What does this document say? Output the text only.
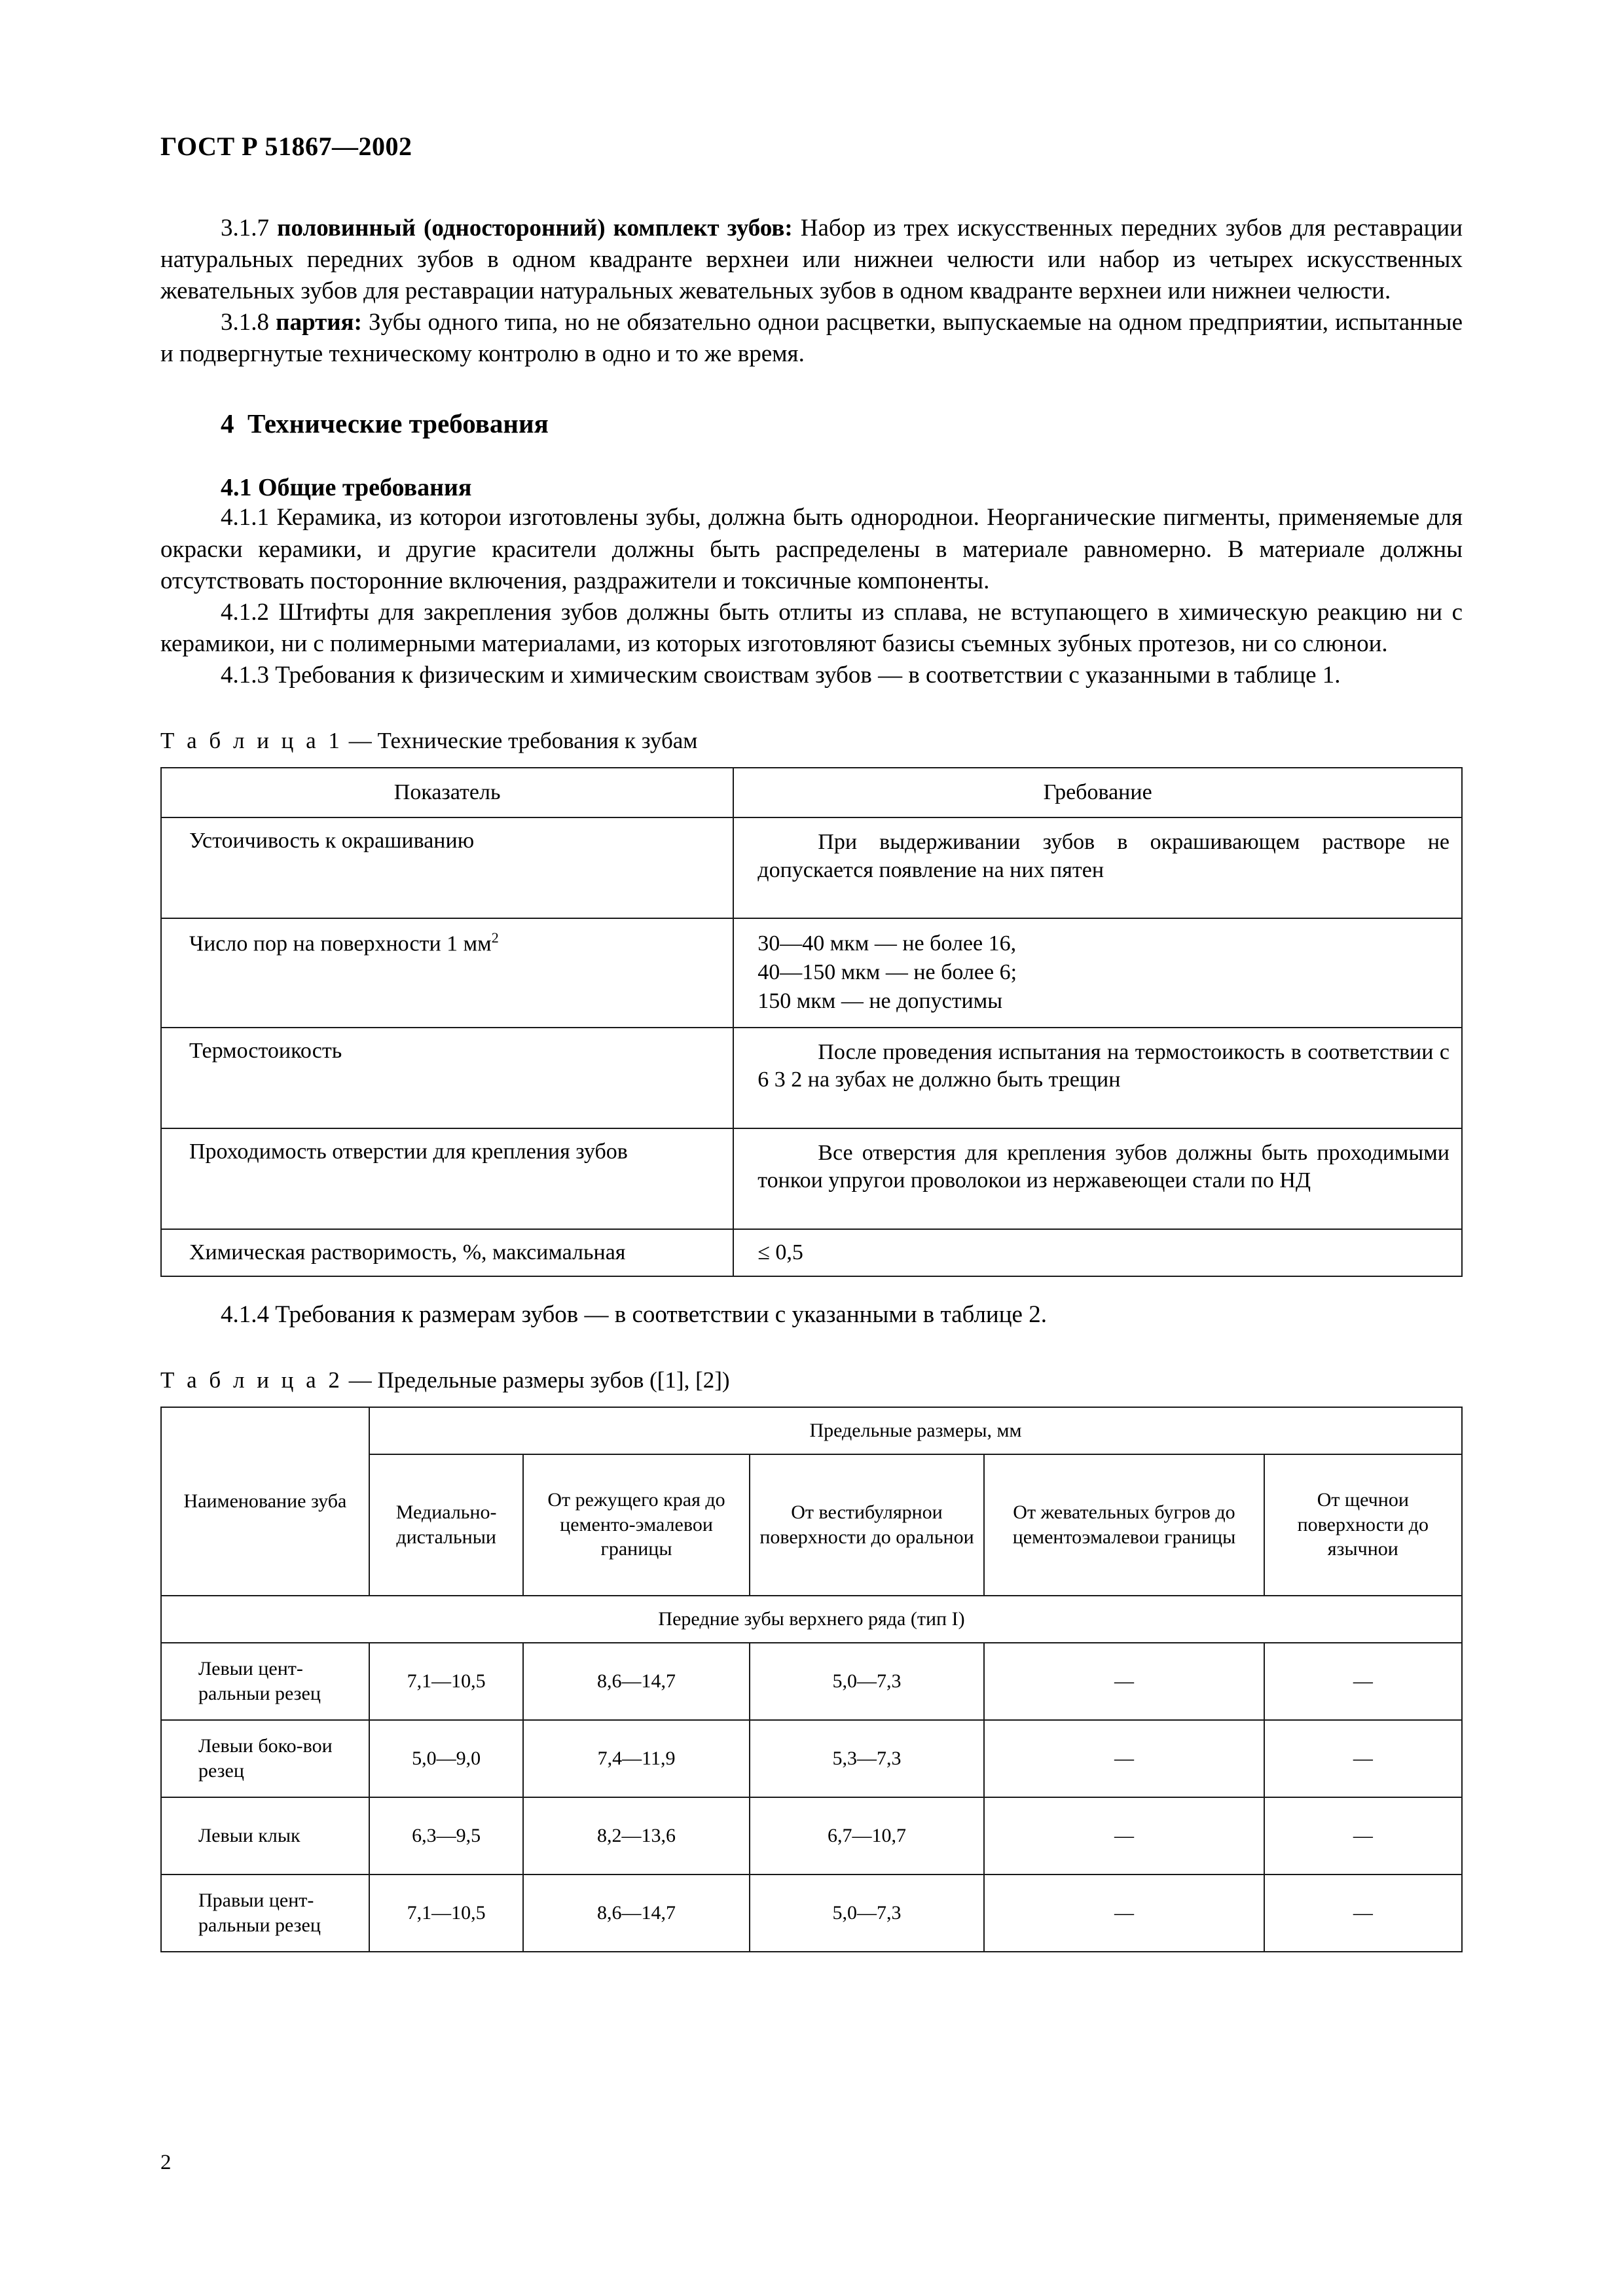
ГОСТ Р 51867—2002

3.1.7 половинный (односторонний) комплект зубов: Набор из трех искусственных передних зубов для реставрации натуральных передних зубов в одном квадранте верхнеи или нижнеи челюсти или набор из четырех искусственных жевательных зубов для реставрации натуральных жевательных зубов в одном квадранте верхнеи или нижнеи челюсти.

3.1.8 партия: Зубы одного типа, но не обязательно однои расцветки, выпускаемые на одном предприятии, испытанные и подвергнутые техническому контролю в одно и то же время.

4 Технические требования
4.1 Общие требования

4.1.1 Керамика, из которои изготовлены зубы, должна быть однороднои. Неорганические пигменты, применяемые для окраски керамики, и другие красители должны быть распределены в материале равномерно. В материале должны отсутствовать посторонние включения, раздражители и токсичные компоненты.

4.1.2 Штифты для закрепления зубов должны быть отлиты из сплава, не вступающего в химическую реакцию ни с керамикои, ни с полимерными материалами, из которых изготовляют базисы съемных зубных протезов, ни со слюнои.

4.1.3 Требования к физическим и химическим своиствам зубов — в соответствии с указанными в таблице 1.

Т а б л и ц а 1 — Технические требования к зубам
Показатель	Гребование
Устоичивость к окрашиванию	При выдерживании зубов в окрашивающем растворе не допускается появление на них пятен
Число пор на поверхности 1 $мм^2$	30—40 мкм — не более 16,
40—150 мкм — не более 6;
150 мкм — не допустимы

Термостоикость	После проведения испытания на термостоикость в соответствии с 6 3 2 на зубах не должно быть трещин
Проходимость отверстии для крепления зубов	Все отверстия для крепления зубов должны быть проходимыми тонкои упругои проволокои из нержавеющеи стали по НД
Химическая растворимость, %, максимальная	≤ 0,5

4.1.4 Требования к размерам зубов — в соответствии с указанными в таблице 2.

Т а б л и ц а 2 — Предельные размеры зубов ([1], [2])
Наименование зуба	Предельные размеры, мм				
	Медиально-дистальныи	От режущего края до цементо-эмалевои границы	От вестибулярнои поверхности до оральнои	От жевательных бугров до цементоэмалевои границы	От щечнои поверхности до язычнои
Передние зубы верхнего ряда (тип I)					
Левыи цент-ральныи резец	7,1—10,5	8,6—14,7	5,0—7,3	—	—
Левыи боко-вои резец	5,0—9,0	7,4—11,9	5,3—7,3	—	—
Левыи клык	6,3—9,5	8,2—13,6	6,7—10,7	—	—
Правыи цент-ральныи резец	7,1—10,5	8,6—14,7	5,0—7,3	—	—
2
